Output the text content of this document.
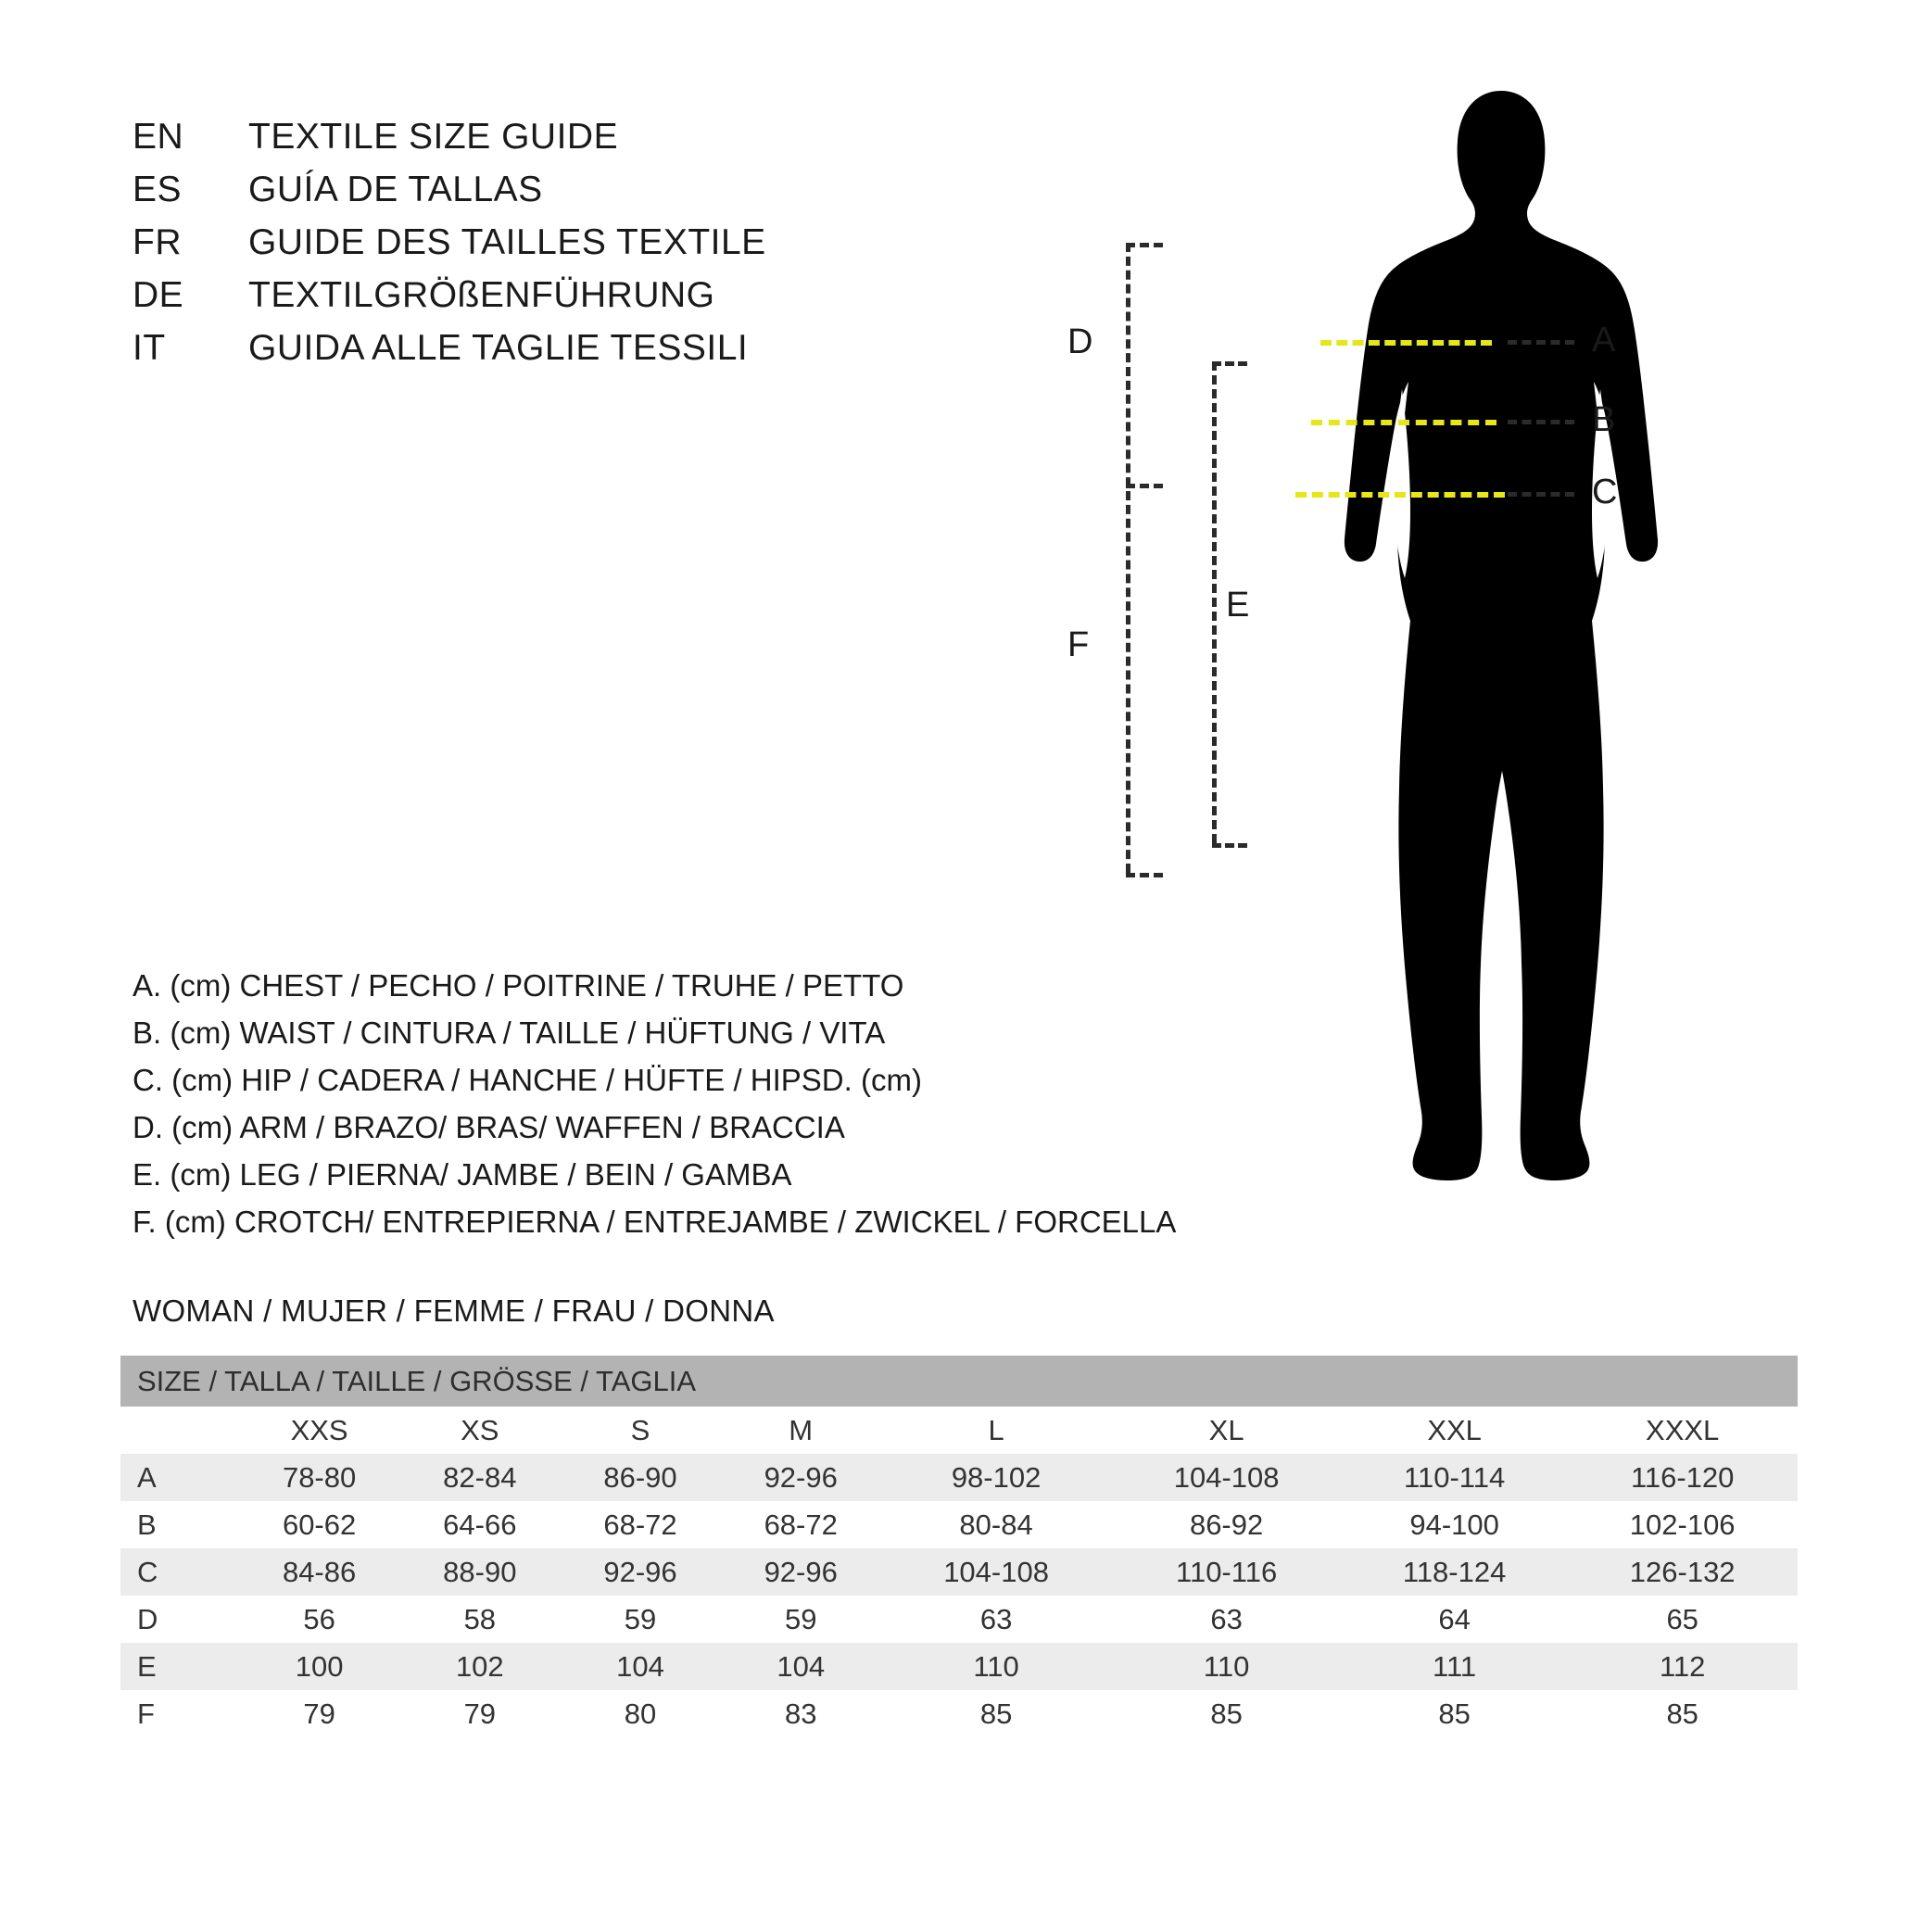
EN	TEXTILE SIZE GUIDE
ES	GUÍA DE TALLAS
FR	GUIDE DES TAILLES TEXTILE
DE	TEXTILGRÖßENFÜHRUNG
IT	GUIDA ALLE TAGLIE TESSILI	A
B
C
F
D
E
A. (cm) CHEST / PECHO / POITRINE / TRUHE / PETTO
B. (cm) WAIST / CINTURA / TAILLE / HÜFTUNG / VITA
C. (cm) HIP / CADERA / HANCHE / HÜFTE / HIPSD. (cm)
D. (cm) ARM / BRAZO/ BRAS/ WAFFEN / BRACCIA
E. (cm) LEG / PIERNA/ JAMBE / BEIN / GAMBA
F. (cm) CROTCH/ ENTREPIERNA / ENTREJAMBE / ZWICKEL / FORCELLA
WOMAN / MUJER / FEMME / FRAU / DONNA
SIZE / TALLA / TAILLE / GRÖSSE / TAGLIA								
	XXS	XS	S	M	L	XL	XXL	XXXL
A	78-80	82-84	86-90	92-96	98-102	104-108	110-114	116-120
B	60-62	64-66	68-72	68-72	80-84	86-92	94-100	102-106
C	84-86	88-90	92-96	92-96	104-108	110-116	118-124	126-132
D	56	58	59	59	63	63	64	65
E	100	102	104	104	110	110	111	112
F	79	79	80	83	85	85	85	85
